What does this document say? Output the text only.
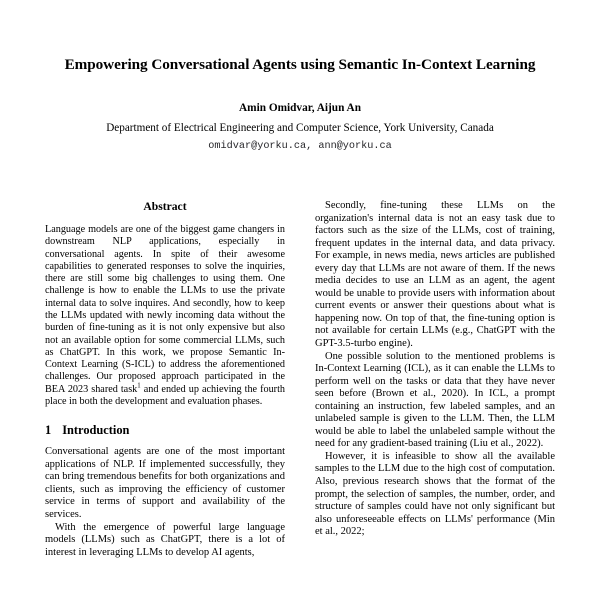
Empowering Conversational Agents using Semantic In-Context Learning
Amin Omidvar, Aijun An
Department of Electrical Engineering and Computer Science, York University, Canada
omidvar@yorku.ca, ann@yorku.ca
Abstract

Language models are one of the biggest game changers in downstream NLP applications, especially in conversational agents. In spite of their awesome capabilities to generated responses to solve the inquiries, there are still some big challenges to using them. One challenge is how to enable the LLMs to use the private internal data to solve inquires. And secondly, how to keep the LLMs updated with newly incoming data without the burden of fine-tuning as it is not only expensive but also not an available option for some commercial LLMs, such as ChatGPT. In this work, we propose Semantic In-Context Learning (S-ICL) to address the aforementioned challenges. Our proposed approach participated in the BEA 2023 shared task$^1$ and ended up achieving the fourth place in both the development and evaluation phases.

1 Introduction

Conversational agents are one of the most important applications of NLP. If implemented successfully, they can bring tremendous benefits for both organizations and clients, such as improving the efficiency of customer service in terms of support and availability of the services.

With the emergence of powerful large language models (LLMs) such as ChatGPT, there is a lot of interest in leveraging LLMs to develop AI agents,

Secondly, fine-tuning these LLMs on the organization's internal data is not an easy task due to factors such as the size of the LLMs, cost of training, frequent updates in the internal data, and data privacy. For example, in news media, news articles are published every day that LLMs are not aware of them. If the news media decides to use an LLM as an agent, the agent would be unable to provide users with information about current events or answer their questions about what is happening now. On top of that, the fine-tuning option is not available for certain LLMs (e.g., ChatGPT with the GPT-3.5-turbo engine).

One possible solution to the mentioned problems is In-Context Learning (ICL), as it can enable the LLMs to perform well on the tasks or data that they have never seen before (Brown et al., 2020). In ICL, a prompt containing an instruction, few labeled samples, and an unlabeled sample is given to the LLM. Then, the LLM would be able to label the unlabeled sample without the need for any gradient-based training (Liu et al., 2022).

However, it is infeasible to show all the available samples to the LLM due to the high cost of computation. Also, previous research shows that the format of the prompt, the selection of samples, the number, order, and structure of samples could have not only significant but also unforeseeable effects on LLMs' performance (Min et al., 2022;
